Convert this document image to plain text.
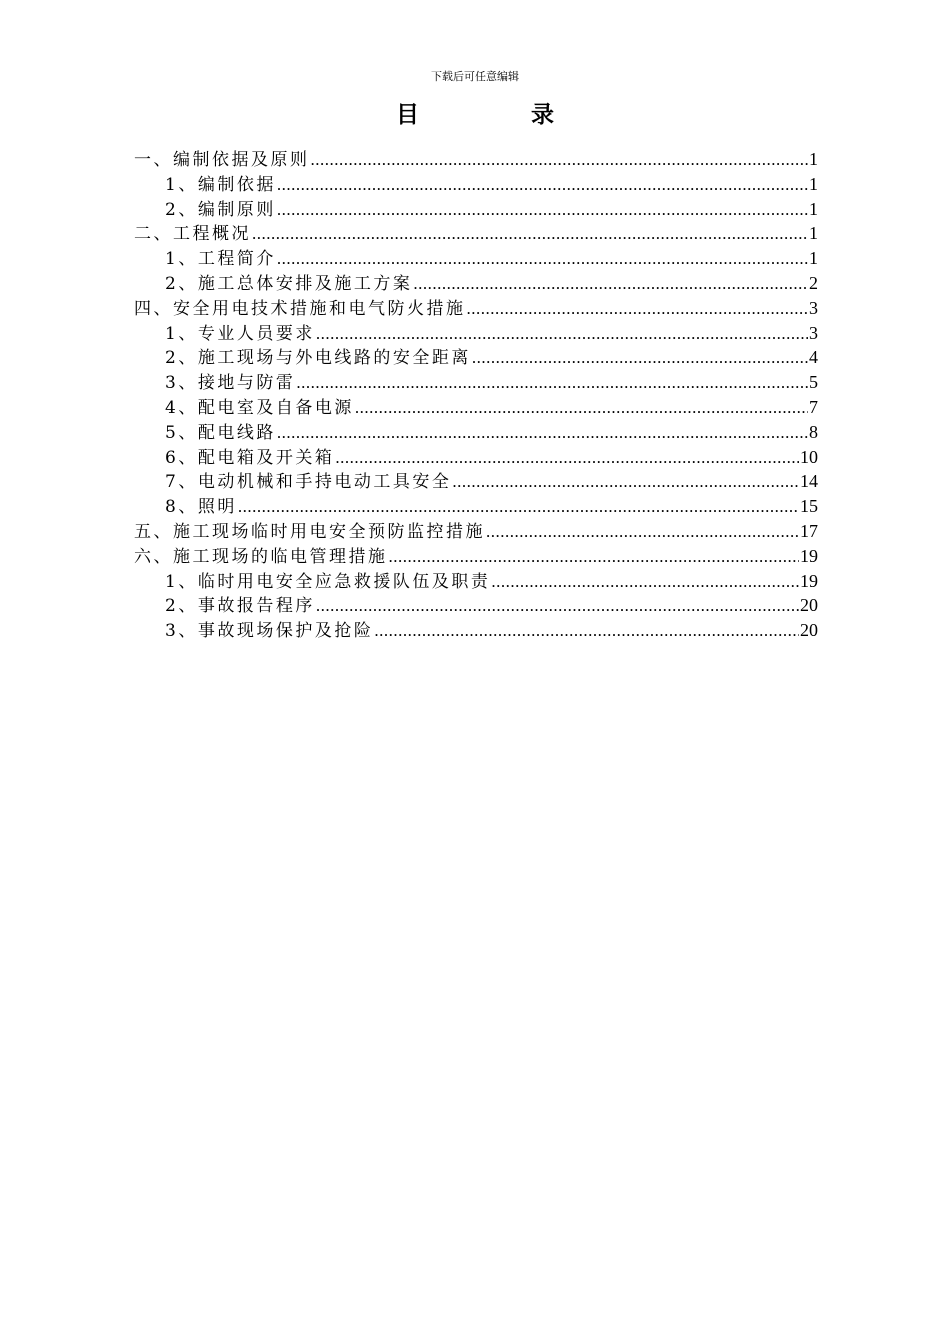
下载后可任意编辑
目 录
一、编制依据及原则 .....	1
1、编制依据 .....	1
2、编制原则 .....	1
二、工程概况 .....	1
1、工程简介 .....	1
2、施工总体安排及施工方案 .....	2
四、安全用电技术措施和电气防火措施 .....	3
1、专业人员要求 .....	3
2、施工现场与外电线路的安全距离 .....	4
3、接地与防雷 .....	5
4、配电室及自备电源 .....	7
5、配电线路 .....	8
6、配电箱及开关箱 .....	10
7、电动机械和手持电动工具安全 .....	14
8、照明 .....	15
五、施工现场临时用电安全预防监控措施 .....	17
六、施工现场的临电管理措施 .....	19
1、临时用电安全应急救援队伍及职责 .....	19
2、事故报告程序 .....	20
3、事故现场保护及抢险 .....	20
